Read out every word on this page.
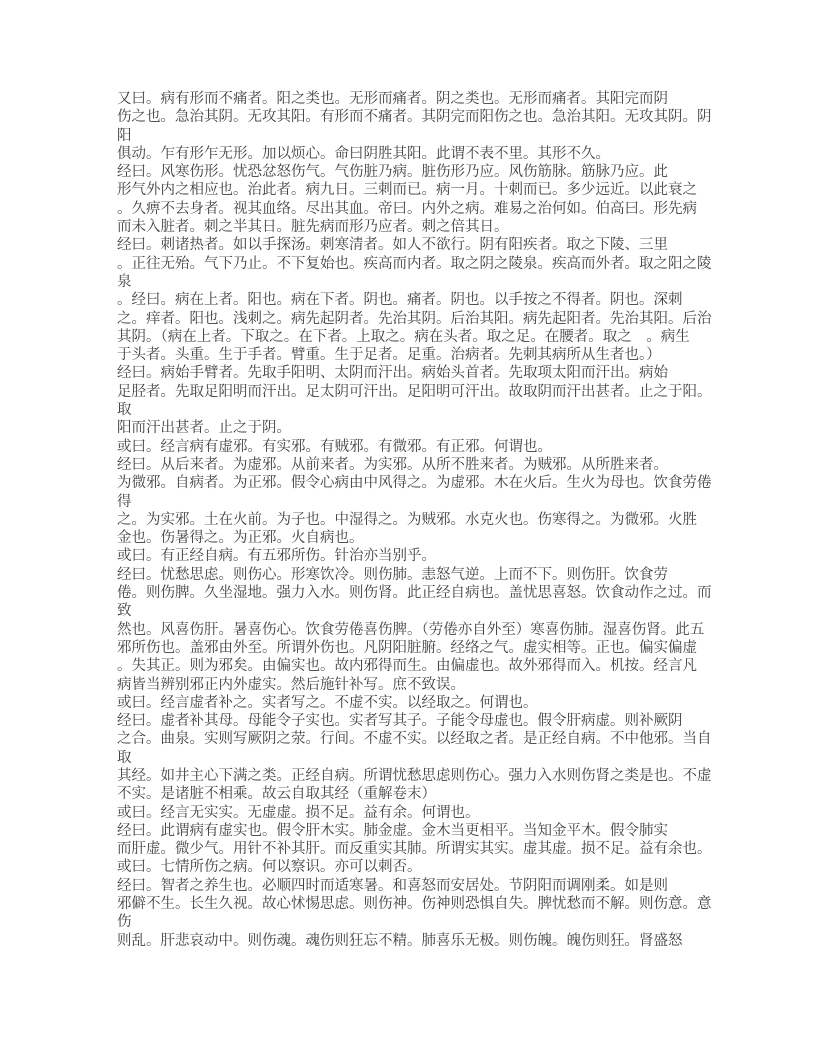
又曰。病有形而不痛者。阳之类也。无形而痛者。阴之类也。无形而痛者。其阳完而阴
伤之也。急治其阴。无攻其阳。有形而不痛者。其阴完而阳伤之也。急治其阳。无攻其阴。阴
阳
俱动。乍有形乍无形。加以烦心。命曰阴胜其阳。此谓不表不里。其形不久。
经曰。风寒伤形。忧恐忿怒伤气。气伤脏乃病。脏伤形乃应。风伤筋脉。筋脉乃应。此
形气外内之相应也。治此者。病九日。三刺而已。病一月。十刺而已。多少远近。以此衰之
。久痹不去身者。视其血络。尽出其血。帝曰。内外之病。难易之治何如。伯高曰。形先病
而未入脏者。刺之半其日。脏先病而形乃应者。刺之倍其日。
经曰。刺诸热者。如以手探汤。刺寒清者。如人不欲行。阴有阳疾者。取之下陵、三里
。正往无殆。气下乃止。不下复始也。疾高而内者。取之阴之陵泉。疾高而外者。取之阳之陵
泉
。经曰。病在上者。阳也。病在下者。阴也。痛者。阴也。以手按之不得者。阴也。深刺
之。痒者。阳也。浅刺之。病先起阴者。先治其阴。后治其阳。病先起阳者。先治其阳。后治
其阴。（病在上者。下取之。在下者。上取之。病在头者。取之足。在腰者。取之　。病生
于头者。头重。生于手者。臂重。生于足者。足重。治病者。先刺其病所从生者也。）
经曰。病始手臂者。先取手阳明、太阴而汗出。病始头首者。先取项太阳而汗出。病始
足胫者。先取足阳明而汗出。足太阴可汗出。足阳明可汗出。故取阴而汗出甚者。止之于阳。
取
阳而汗出甚者。止之于阴。
或曰。经言病有虚邪。有实邪。有贼邪。有微邪。有正邪。何谓也。
经曰。从后来者。为虚邪。从前来者。为实邪。从所不胜来者。为贼邪。从所胜来者。
为微邪。自病者。为正邪。假令心病由中风得之。为虚邪。木在火后。生火为母也。饮食劳倦
得
之。为实邪。土在火前。为子也。中湿得之。为贼邪。水克火也。伤寒得之。为微邪。火胜
金也。伤暑得之。为正邪。火自病也。
或曰。有正经自病。有五邪所伤。针治亦当别乎。
经曰。忧愁思虑。则伤心。形寒饮冷。则伤肺。恚怒气逆。上而不下。则伤肝。饮食劳
倦。则伤脾。久坐湿地。强力入水。则伤肾。此正经自病也。盖忧思喜怒。饮食动作之过。而
致
然也。风喜伤肝。暑喜伤心。饮食劳倦喜伤脾。（劳倦亦自外至）寒喜伤肺。湿喜伤肾。此五
邪所伤也。盖邪由外至。所谓外伤也。凡阴阳脏腑。经络之气。虚实相等。正也。偏实偏虚
。失其正。则为邪矣。由偏实也。故内邪得而生。由偏虚也。故外邪得而入。机按。经言凡
病皆当辨别邪正内外虚实。然后施针补写。庶不致误。
或曰。经言虚者补之。实者写之。不虚不实。以经取之。何谓也。
经曰。虚者补其母。母能令子实也。实者写其子。子能令母虚也。假令肝病虚。则补厥阴
之合。曲泉。实则写厥阴之荥。行间。不虚不实。以经取之者。是正经自病。不中他邪。当自
取
其经。如井主心下满之类。正经自病。所谓忧愁思虑则伤心。强力入水则伤肾之类是也。不虚
不实。是诸脏不相乘。故云自取其经（重解卷末）
或曰。经言无实实。无虚虚。损不足。益有余。何谓也。
经曰。此谓病有虚实也。假令肝木实。肺金虚。金木当更相平。当知金平木。假令肺实
而肝虚。微少气。用针不补其肝。而反重实其肺。所谓实其实。虚其虚。损不足。益有余也。
或曰。七情所伤之病。何以察识。亦可以刺否。
经曰。智者之养生也。必顺四时而适寒暑。和喜怒而安居处。节阴阳而调刚柔。如是则
邪僻不生。长生久视。故心怵惕思虑。则伤神。伤神则恐惧自失。脾忧愁而不解。则伤意。意
伤
则乱。肝悲哀动中。则伤魂。魂伤则狂忘不精。肺喜乐无极。则伤魄。魄伤则狂。肾盛怒
